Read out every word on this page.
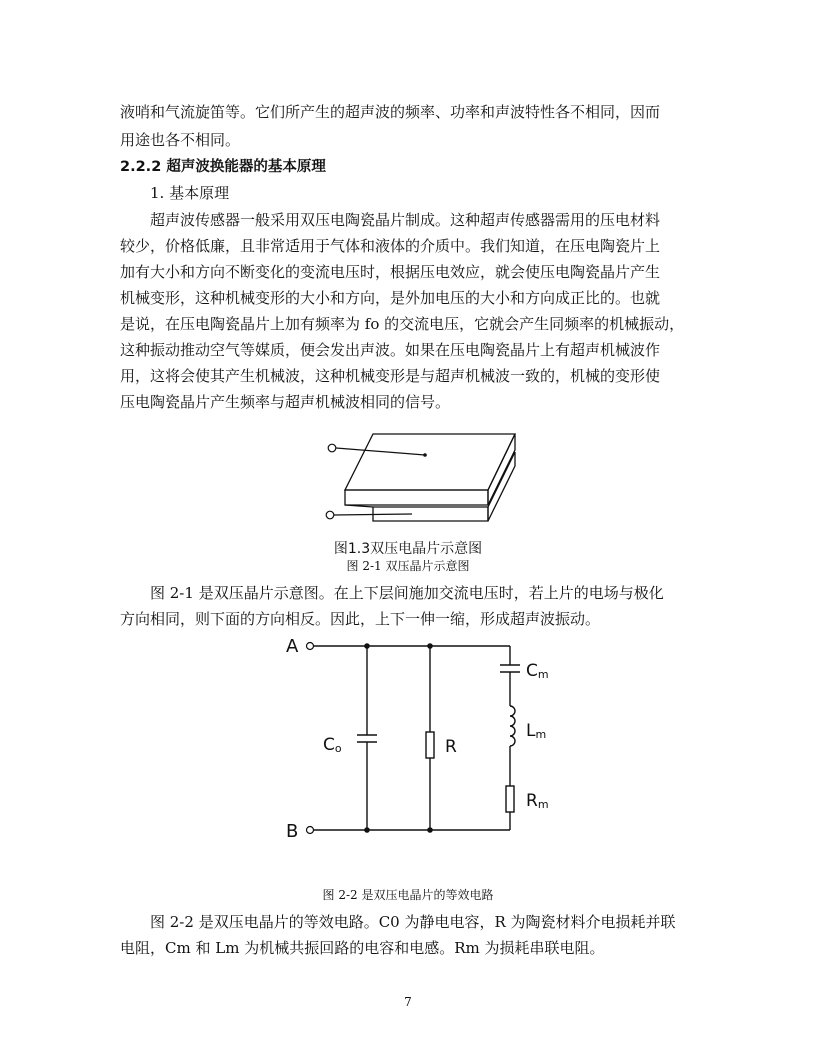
液哨和气流旋笛等。它们所产生的超声波的频率、功率和声波特性各不相同，因而
用途也各不相同。
2.2.2 超声波换能器的基本原理
1. 基本原理
超声波传感器一般采用双压电陶瓷晶片制成。这种超声传感器需用的压电材料
较少，价格低廉，且非常适用于气体和液体的介质中。我们知道，在压电陶瓷片上
加有大小和方向不断变化的变流电压时，根据压电效应，就会使压电陶瓷晶片产生
机械变形，这种机械变形的大小和方向，是外加电压的大小和方向成正比的。也就
是说，在压电陶瓷晶片上加有频率为 fo 的交流电压，它就会产生同频率的机械振动，
这种振动推动空气等媒质，便会发出声波。如果在压电陶瓷晶片上有超声机械波作
用，这将会使其产生机械波，这种机械变形是与超声机械波一致的，机械的变形使
压电陶瓷晶片产生频率与超声机械波相同的信号。
图1.3双压电晶片示意图
图 2-1 双压晶片示意图
图 2-1 是双压晶片示意图。在上下层间施加交流电压时，若上片的电场与极化
方向相同，则下面的方向相反。因此，上下一伸一缩，形成超声波振动。
A
B
Co	R
Cm
Lm
Rm
图 2-2 是双压电晶片的等效电路
图 2-2 是双压电晶片的等效电路。C0 为静电电容，R 为陶瓷材料介电损耗并联
电阻，Cm 和 Lm 为机械共振回路的电容和电感。Rm 为损耗串联电阻。
7
